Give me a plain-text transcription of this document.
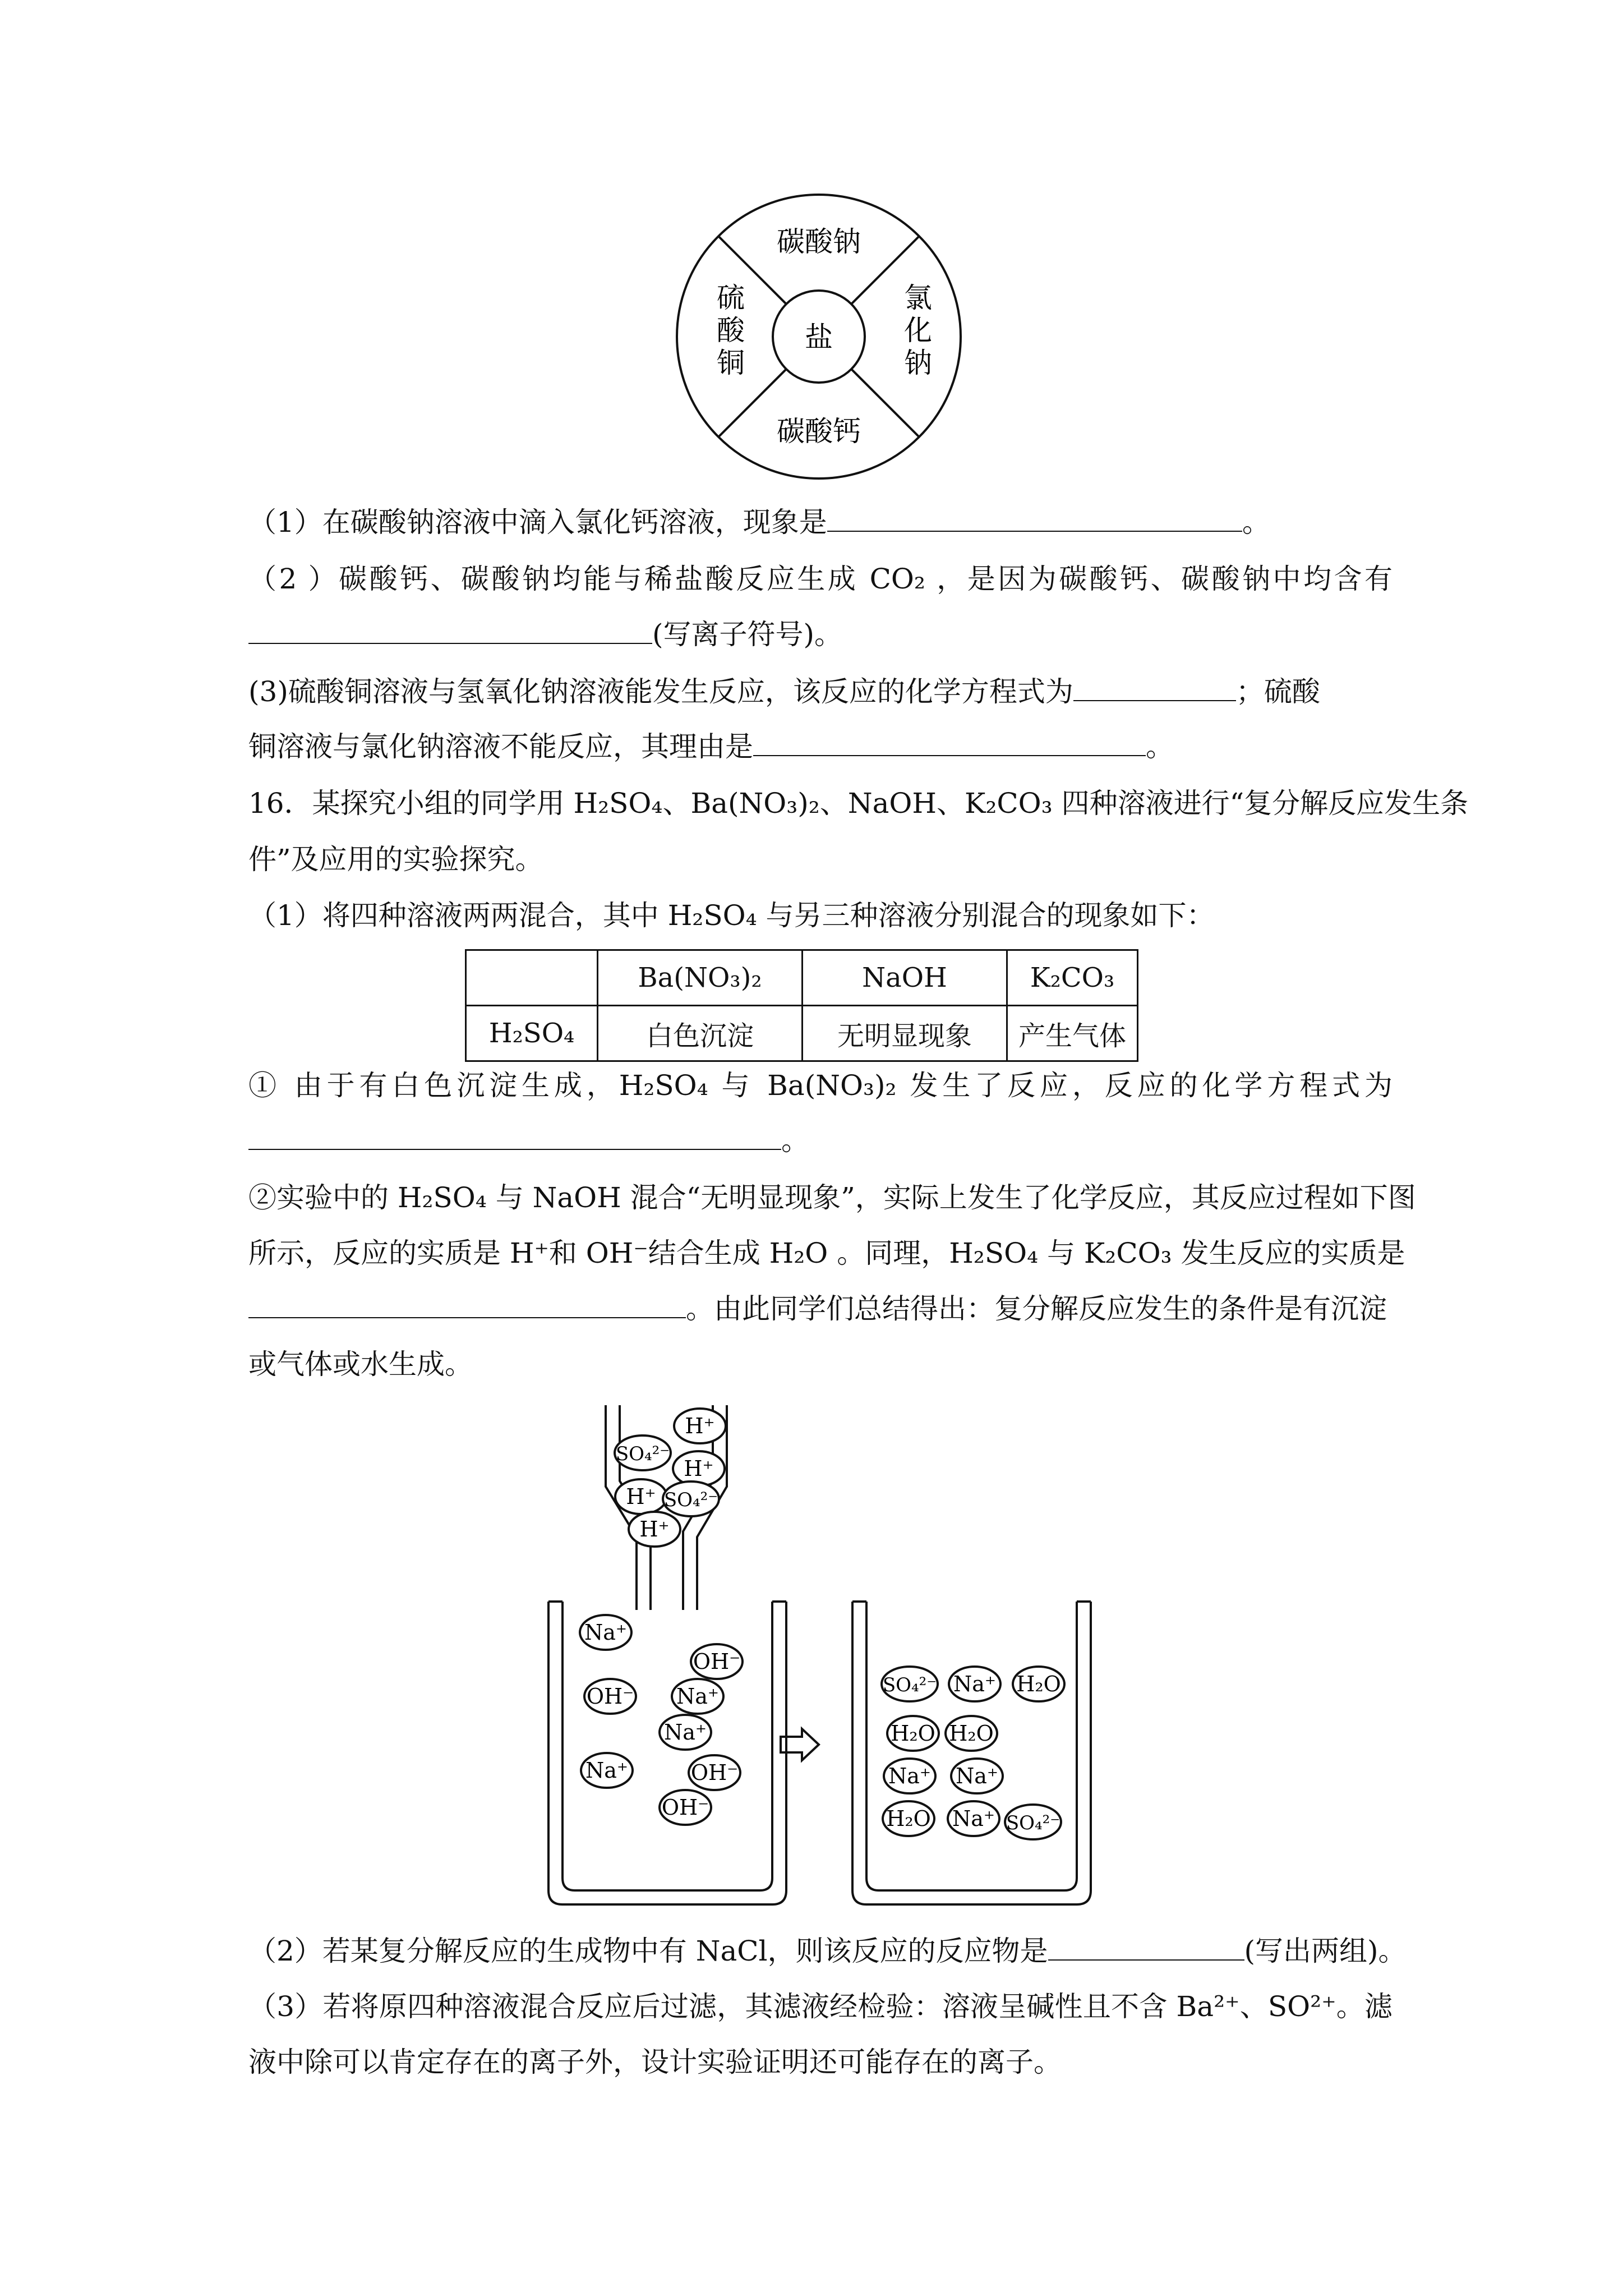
盐
碳酸钠
碳酸钙
硫酸铜
氯化钠
（1）在碳酸钠溶液中滴入氯化钙溶液，现象是	。
（2 ）碳酸钙、碳酸钠均能与稀盐酸反应生成 CO₂ ，是因为碳酸钙、碳酸钠中均含有
(写离子符号)。
(3)硫酸铜溶液与氢氧化钠溶液能发生反应，该反应的化学方程式为	；硫酸
铜溶液与氯化钠溶液不能反应，其理由是	。
16．某探究小组的同学用 H₂SO₄、Ba(NO₃)₂、NaOH、K₂CO₃ 四种溶液进行“复分解反应发生条
件”及应用的实验探究。
（1）将四种溶液两两混合，其中 H₂SO₄ 与另三种溶液分别混合的现象如下：
	Ba(NO₃)₂	NaOH	K₂CO₃
H₂SO₄	白色沉淀	无明显现象	产生气体
① 由于有白色沉淀生成，H₂SO₄ 与 Ba(NO₃)₂ 发生了反应，反应的化学方程式为
。
②实验中的 H₂SO₄ 与 NaOH 混合“无明显现象”，实际上发生了化学反应，其反应过程如下图
所示，反应的实质是 H⁺和 OH⁻结合生成 H₂O 。同理，H₂SO₄ 与 K₂CO₃ 发生反应的实质是
。由此同学们总结得出：复分解反应发生的条件是有沉淀
或气体或水生成。
H⁺
SO₄²⁻
H⁺
H⁺ SO₄²⁻
H⁺
Na⁺
OH⁻
OH⁻ Na⁺
Na⁺
Na⁺	OH⁻
OH⁻
SO₄²⁻ Na⁺ H₂O
H₂O H₂O
Na⁺ Na⁺
H₂O Na⁺ SO₄²⁻
（2）若某复分解反应的生成物中有 NaCl，则该反应的反应物是	(写出两组)。
（3）若将原四种溶液混合反应后过滤，其滤液经检验：溶液呈碱性且不含 Ba²⁺、SO²⁺。滤
液中除可以肯定存在的离子外，设计实验证明还可能存在的离子。
